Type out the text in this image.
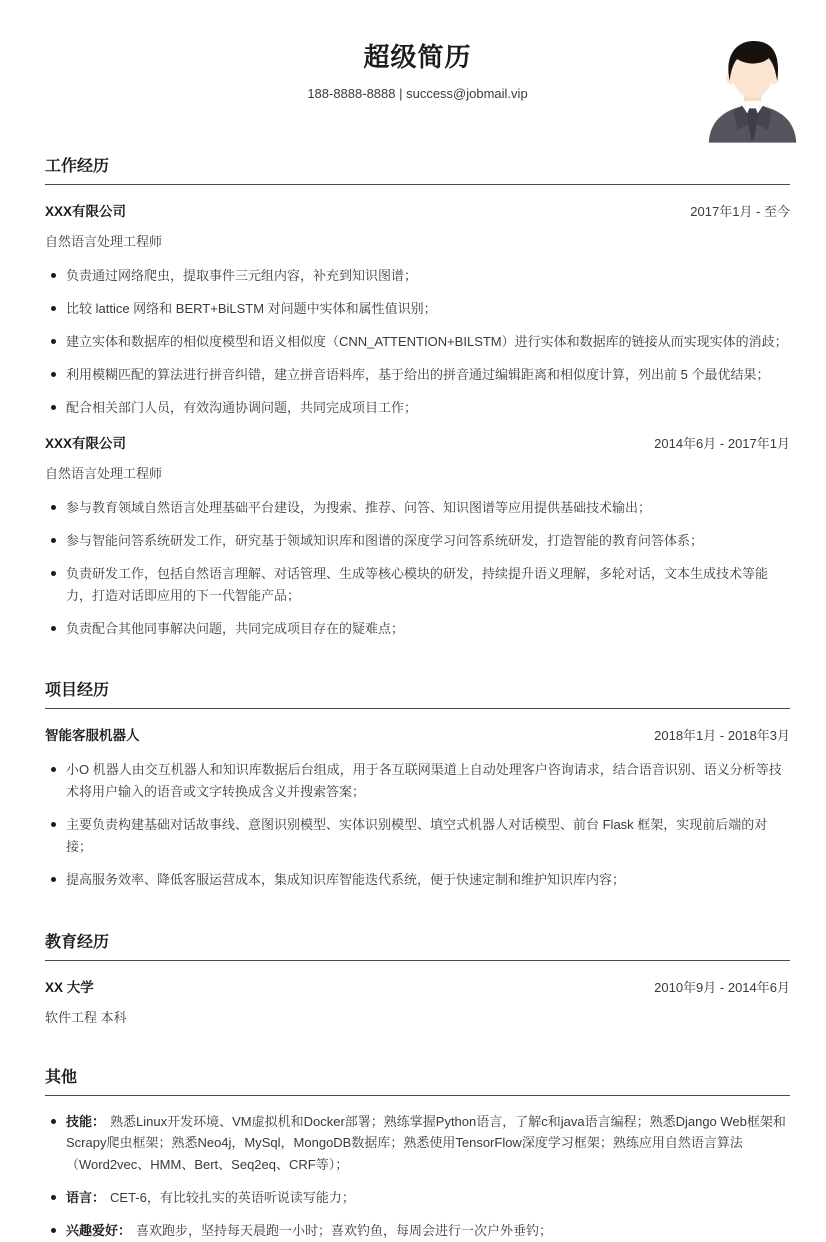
超级简历
188-8888-8888 | success@jobmail.vip
工作经历
XXX有限公司	2017年1月 - 至今
自然语言处理工程师
负责通过网络爬虫，提取事件三元组内容，补充到知识图谱；
比较 lattice 网络和 BERT+BiLSTM 对问题中实体和属性值识别；
建立实体和数据库的相似度模型和语义相似度（CNN_ATTENTION+BILSTM）进行实体和数据库的链接从而实现实体的消歧；
利用模糊匹配的算法进行拼音纠错，建立拼音语料库，基于给出的拼音通过编辑距离和相似度计算，列出前 5 个最优结果；
配合相关部门人员，有效沟通协调问题，共同完成项目工作；
XXX有限公司	2014年6月 - 2017年1月
自然语言处理工程师
参与教育领域自然语言处理基础平台建设，为搜索、推荐、问答、知识图谱等应用提供基础技术输出；
参与智能问答系统研发工作，研究基于领域知识库和图谱的深度学习问答系统研发，打造智能的教育问答体系；
负责研发工作，包括自然语言理解、对话管理、生成等核心模块的研发，持续提升语义理解，多轮对话，文本生成技术等能力，打造对话即应用的下一代智能产品；
负责配合其他同事解决问题，共同完成项目存在的疑难点；
项目经历
智能客服机器人	2018年1月 - 2018年3月
小O 机器人由交互机器人和知识库数据后台组成，用于各互联网渠道上自动处理客户咨询请求，结合语音识别、语义分析等技术将用户输入的语音或文字转换成含义并搜索答案；
主要负责构建基础对话故事线、意图识别模型、实体识别模型、填空式机器人对话模型、前台 Flask 框架，实现前后端的对接；
提高服务效率、降低客服运营成本，集成知识库智能迭代系统，便于快速定制和维护知识库内容；
教育经历
XX 大学	2010年9月 - 2014年6月
软件工程 本科
其他
技能： 熟悉Linux开发环境、VM虚拟机和Docker部署；熟练掌握Python语言，了解c和java语言编程；熟悉Django Web框架和Scrapy爬虫框架；熟悉Neo4j，MySql，MongoDB数据库；熟悉使用TensorFlow深度学习框架；熟练应用自然语言算法（Word2vec、HMM、Bert、Seq2eq、CRF等）；
语言： CET-6，有比较扎实的英语听说读写能力；
兴趣爱好： 喜欢跑步，坚持每天晨跑一小时；喜欢钓鱼，每周会进行一次户外垂钓；
